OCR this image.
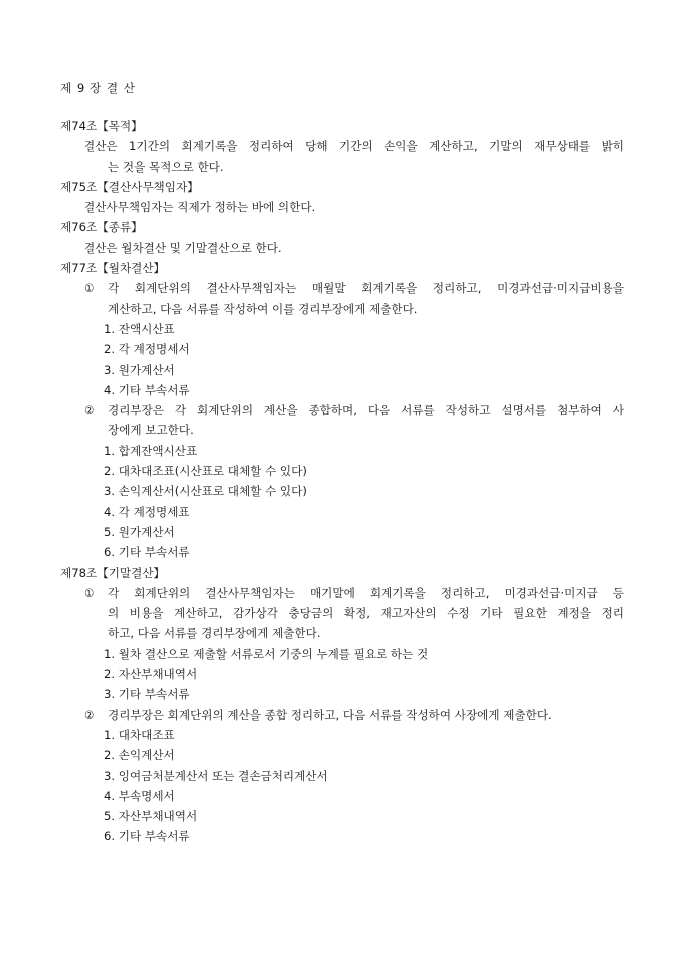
제 9 장 결 산
제74조【목적】
결산은 1기간의 회계기록을 정리하여 당해 기간의 손익을 계산하고, 기말의 재무상태를 밝히
는 것을 목적으로 한다.
제75조【결산사무책임자】
결산사무책임자는 직제가 정하는 바에 의한다.
제76조【종류】
결산은 월차결산 및 기말결산으로 한다.
제77조【월차결산】
①	각 회계단위의 결산사무책임자는 매월말 회계기록을 정리하고, 미경과선급·미지급비용을
계산하고, 다음 서류를 작성하여 이를 경리부장에게 제출한다.
1. 잔액시산표
2. 각 계정명세서
3. 원가계산서
4. 기타 부속서류
②	경리부장은 각 회계단위의 계산을 종합하며, 다음 서류를 작성하고 설명서를 첨부하여 사
장에게 보고한다.
1. 합계잔액시산표
2. 대차대조표(시산표로 대체할 수 있다)
3. 손익계산서(시산표로 대체할 수 있다)
4. 각 계정명세표
5. 원가계산서
6. 기타 부속서류
제78조【기말결산】
①	각 회계단위의 결산사무책임자는 매기말에 회계기록을 정리하고, 미경과선급·미지급 등
의 비용을 계산하고, 감가상각 충당금의 확정, 재고자산의 수정 기타 필요한 계정을 정리
하고, 다음 서류를 경리부장에게 제출한다.
1. 월차 결산으로 제출할 서류로서 기중의 누계를 필요로 하는 것
2. 자산부채내역서
3. 기타 부속서류
②	경리부장은 회계단위의 계산을 종합 정리하고, 다음 서류를 작성하여 사장에게 제출한다.
1. 대차대조표
2. 손익계산서
3. 잉여금처분계산서 또는 결손금처리계산서
4. 부속명세서
5. 자산부채내역서
6. 기타 부속서류
